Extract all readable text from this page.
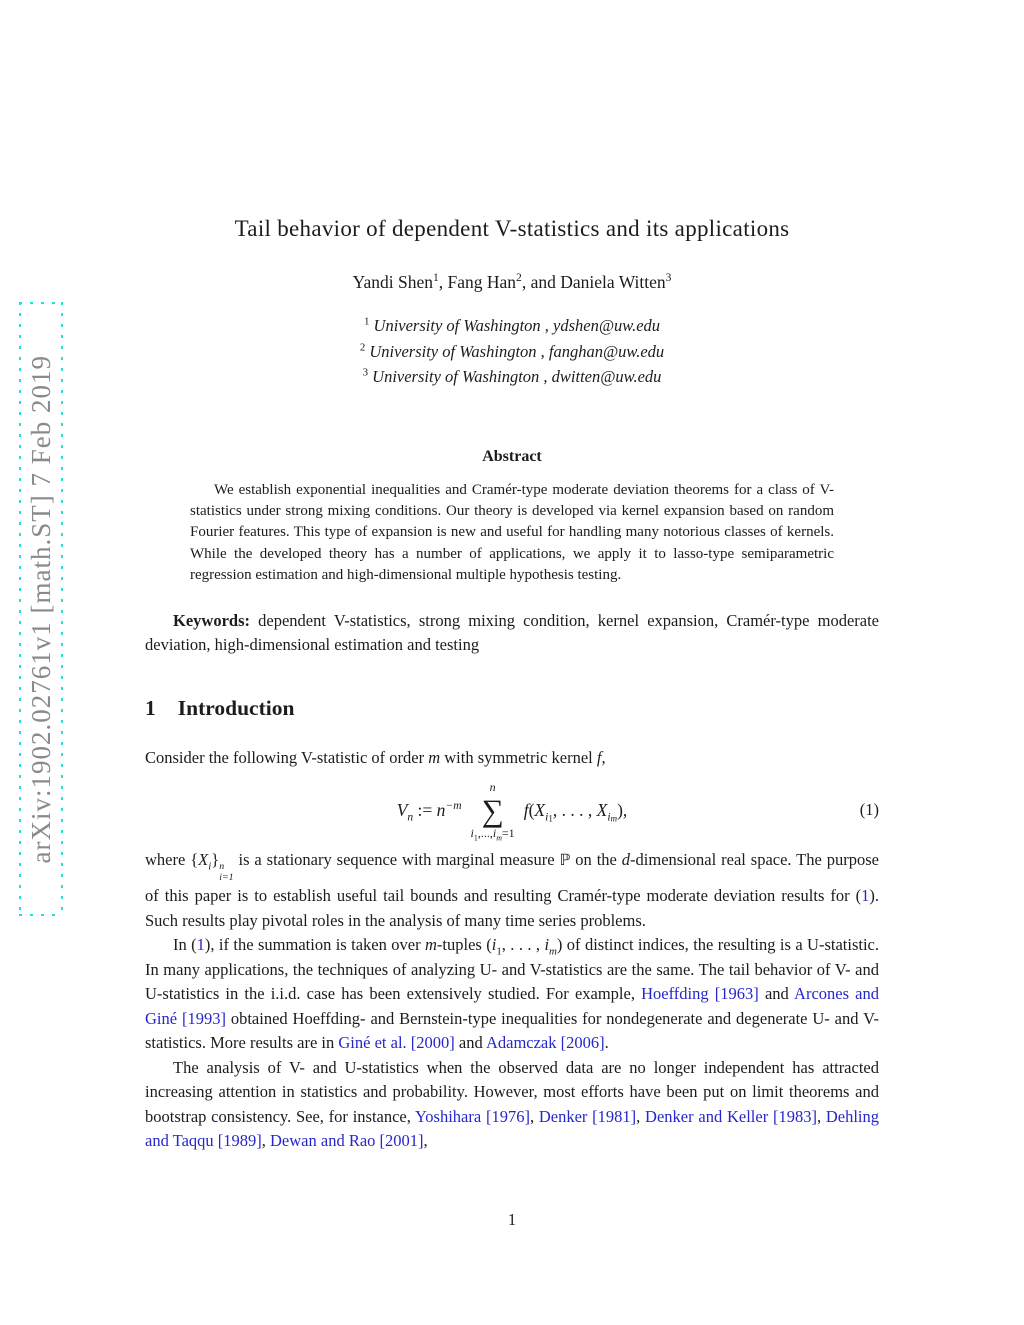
arXiv:1902.02761v1 [math.ST] 7 Feb 2019
Tail behavior of dependent V-statistics and its applications
Yandi Shen$^1$, Fang Han$^2$, and Daniela Witten$^3$
$^1$ University of Washington , ydshen@uw.edu
$^2$ University of Washington , fanghan@uw.edu
$^3$ University of Washington , dwitten@uw.edu
Abstract

We establish exponential inequalities and Cramér-type moderate deviation theorems for a class of V-statistics under strong mixing conditions. Our theory is developed via kernel expansion based on random Fourier features. This type of expansion is new and useful for handling many notorious classes of kernels. While the developed theory has a number of applications, we apply it to lasso-type semiparametric regression estimation and high-dimensional multiple hypothesis testing.

Keywords: dependent V-statistics, strong mixing condition, kernel expansion, Cramér-type moderate deviation, high-dimensional estimation and testing

1 Introduction

Consider the following V-statistic of order m with symmetric kernel f,

$V_n$ := $n^{-m}$
n
∑
$i_1,...,i_m=1$
$f(X_{i1}$, . . . , $X_{im}$),	(1)

where $\{X_i\}$ n
i=1
is a stationary sequence with marginal measure ℙ on the d-dimensional real space. The purpose of this paper is to establish useful tail bounds and resulting Cramér-type moderate deviation results for (1). Such results play pivotal roles in the analysis of many time series problems.

In (1), if the summation is taken over m-tuples ($i_1$, . . . , $i_m$) of distinct indices, the resulting is a U-statistic. In many applications, the techniques of analyzing U- and V-statistics are the same. The tail behavior of V- and U-statistics in the i.i.d. case has been extensively studied. For example, Hoeffding [1963] and Arcones and Giné [1993] obtained Hoeffding- and Bernstein-type inequalities for nondegenerate and degenerate U- and V-statistics. More results are in Giné et al. [2000] and Adamczak [2006].

The analysis of V- and U-statistics when the observed data are no longer independent has attracted increasing attention in statistics and probability. However, most efforts have been put on limit theorems and bootstrap consistency. See, for instance, Yoshihara [1976], Denker [1981], Denker and Keller [1983], Dehling and Taqqu [1989], Dewan and Rao [2001],

1
